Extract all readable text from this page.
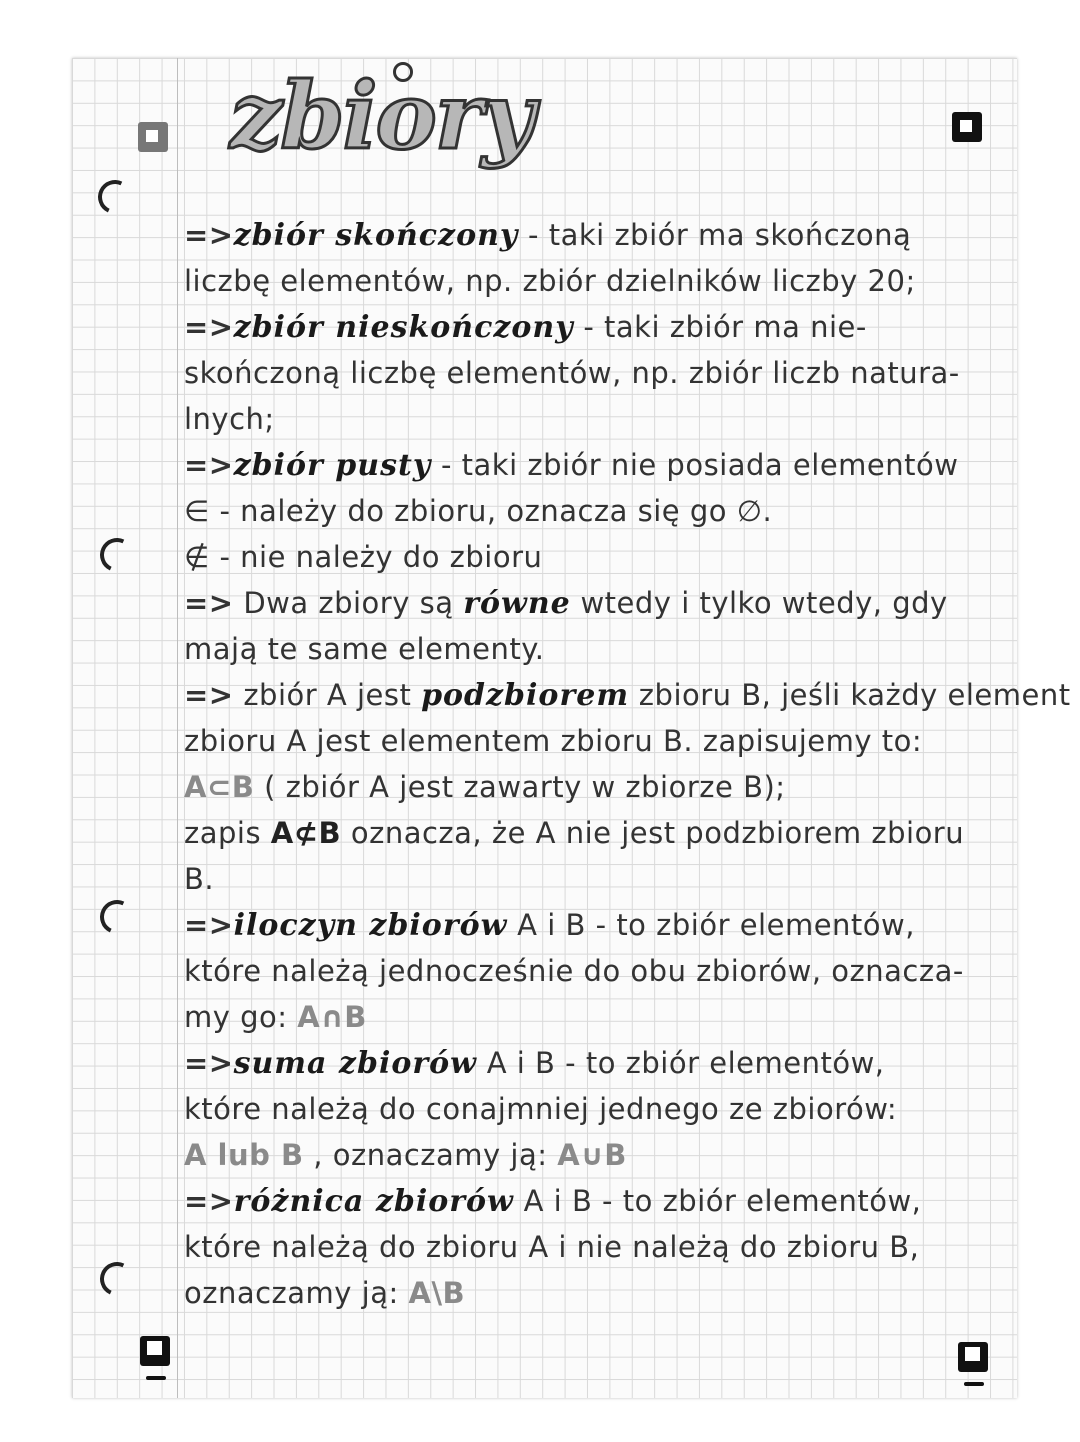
zbiory
=>zbiór skończony - taki zbiór ma skończoną
liczbę elementów, np. zbiór dzielników liczby 20;
=>zbiór nieskończony - taki zbiór ma nie-
skończoną liczbę elementów, np. zbiór liczb natura-
lnych;
=>zbiór pusty - taki zbiór nie posiada elementów
∈ - należy do zbioru, oznacza się go ∅.
∉ - nie należy do zbioru
=> Dwa zbiory są równe wtedy i tylko wtedy, gdy
mają te same elementy.
=> zbiór A jest podzbiorem zbioru B, jeśli każdy element
zbioru A jest elementem zbioru B. zapisujemy to:
A⊂B ( zbiór A jest zawarty w zbiorze B);
zapis A⊄B oznacza, że A nie jest podzbiorem zbioru
B.
=>iloczyn zbiorów A i B - to zbiór elementów,
które należą jednocześnie do obu zbiorów, oznacza-
my go: A∩B
=>suma zbiorów A i B - to zbiór elementów,
które należą do conajmniej jednego ze zbiorów:
A lub B , oznaczamy ją: A∪B
=>różnica zbiorów A i B - to zbiór elementów,
które należą do zbioru A i nie należą do zbioru B,
oznaczamy ją: A\B
